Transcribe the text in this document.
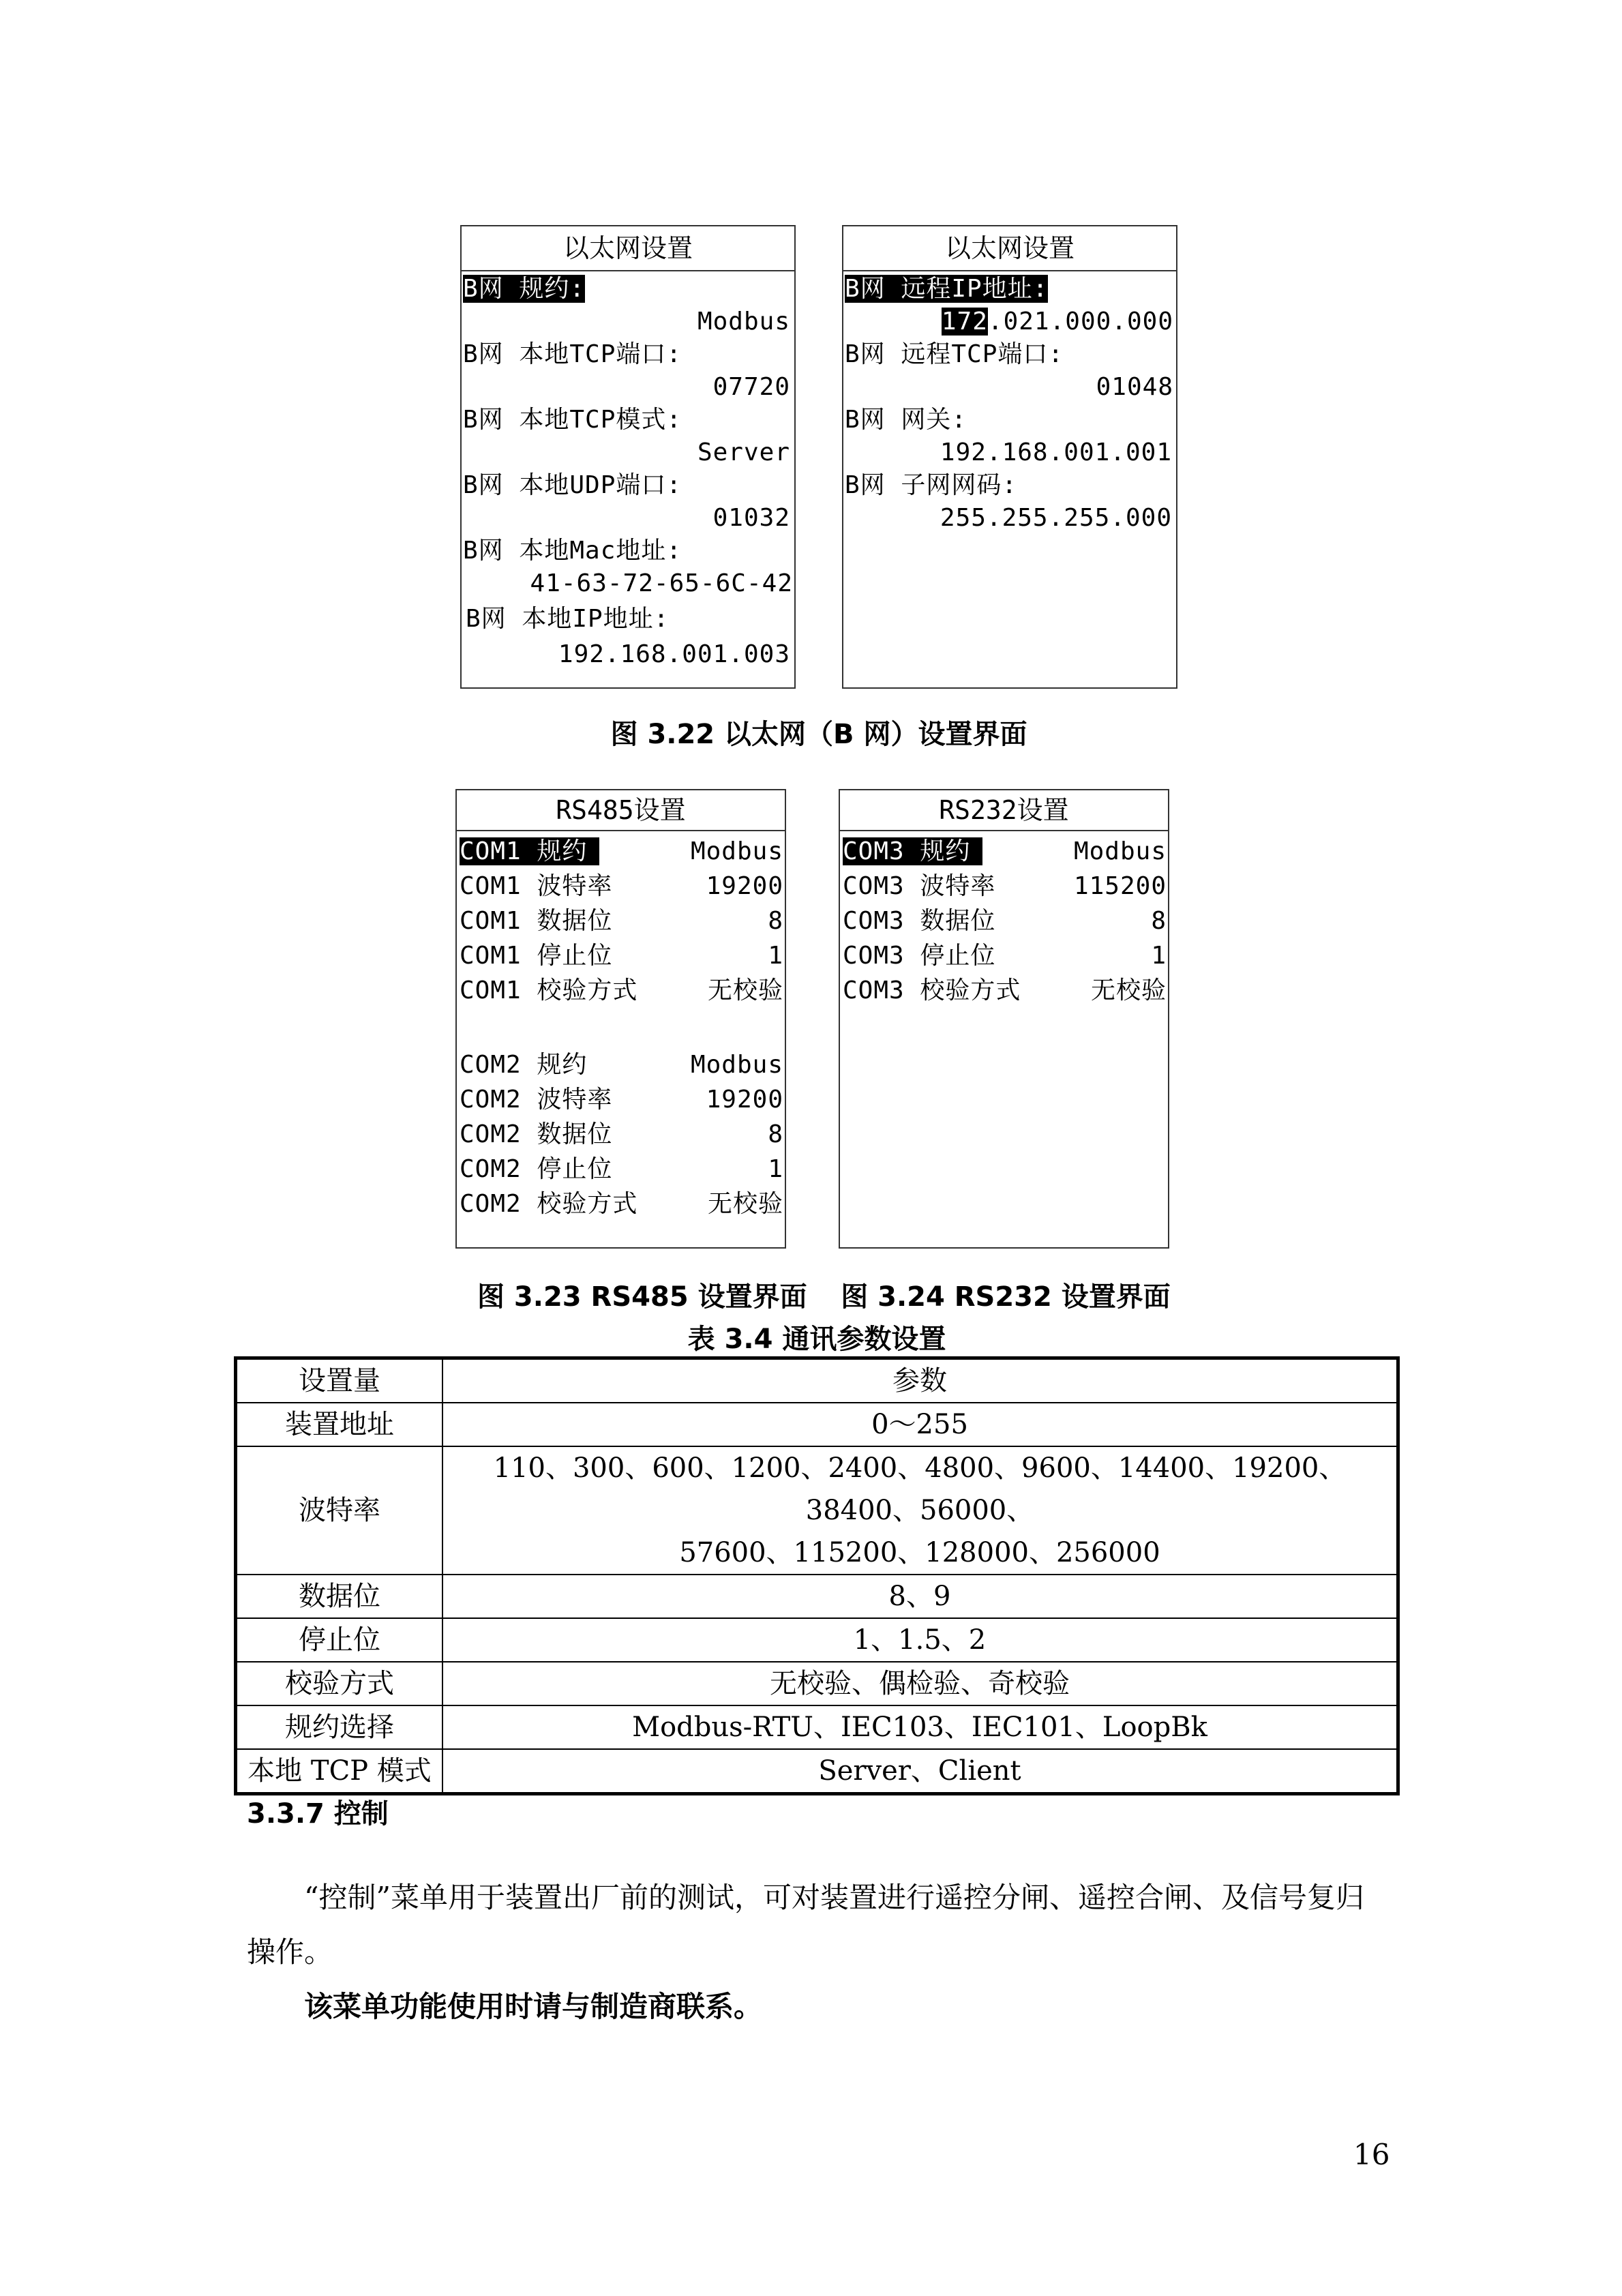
以太网设置
B网 规约:
Modbus
B网 本地TCP端口:
07720
B网 本地TCP模式:
Server
B网 本地UDP端口:
01032
B网 本地Mac地址:
41-63-72-65-6C-42
B网 本地IP地址:
192.168.001.003
以太网设置
B网 远程IP地址:
172.021.000.000
B网 远程TCP端口:
01048
B网 网关:
192.168.001.001
B网 子网网码:
255.255.255.000
图 3.22 以太网（B 网）设置界面
RS485设置
COM1 规约	Modbus
COM1 波特率	19200
COM1 数据位	8
COM1 停止位	1
COM1 校验方式	无校验
COM2 规约	Modbus
COM2 波特率	19200
COM2 数据位	8
COM2 停止位	1
COM2 校验方式	无校验
RS232设置
COM3 规约	Modbus
COM3 波特率	115200
COM3 数据位	8
COM3 停止位	1
COM3 校验方式	无校验
图 3.23 RS485 设置界面 图 3.24 RS232 设置界面
表 3.4 通讯参数设置
设置量	参数
装置地址	0～255
波特率	110、300、600、1200、2400、4800、9600、14400、19200、38400、56000、
57600、115200、128000、256000

数据位	8、9
停止位	1、1.5、2
校验方式	无校验、偶检验、奇校验
规约选择	Modbus-RTU、IEC103、IEC101、LoopBk
本地 TCP 模式	Server、Client
3.3.7 控制
“控制”菜单用于装置出厂前的测试，可对装置进行遥控分闸、遥控合闸、及信号复归
操作。
该菜单功能使用时请与制造商联系。
16
